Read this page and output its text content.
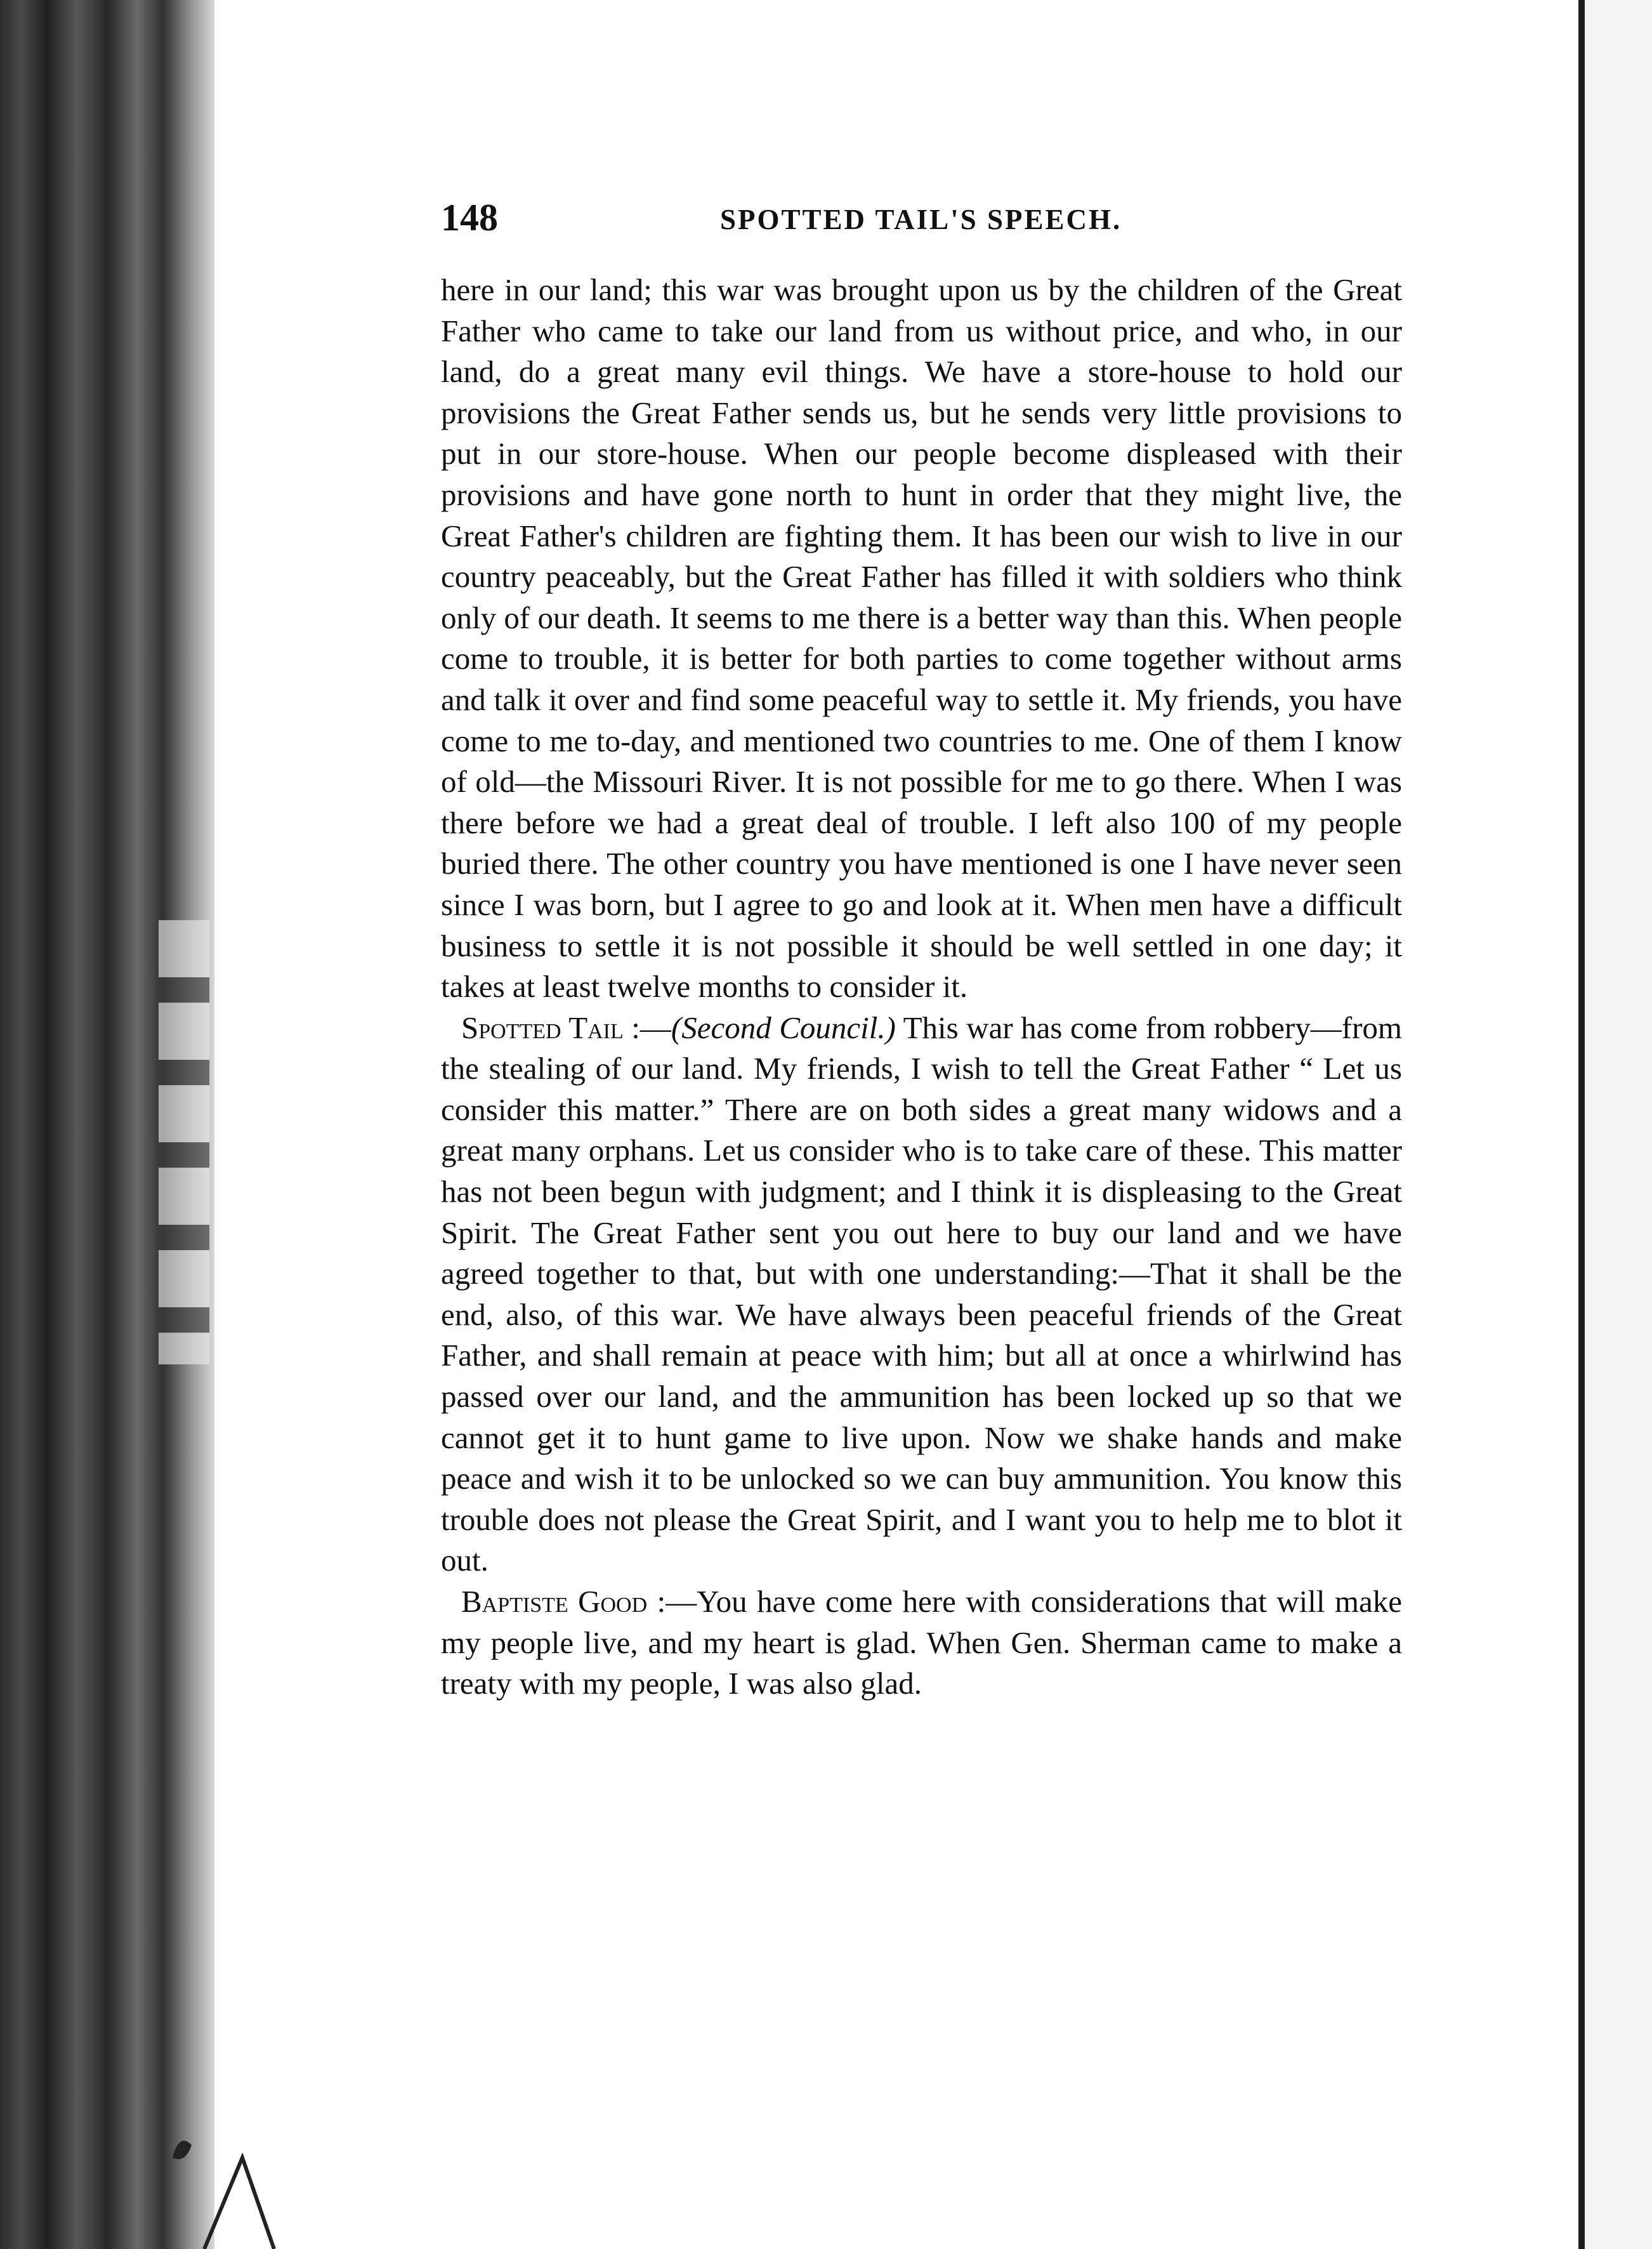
148	SPOTTED TAIL'S SPEECH.

here in our land; this war was brought upon us by the children of the Great Father who came to take our land from us without price, and who, in our land, do a great many evil things. We have a store-house to hold our provisions the Great Father sends us, but he sends very little provisions to put in our store-house. When our people become displeased with their provisions and have gone north to hunt in order that they might live, the Great Father's children are fighting them. It has been our wish to live in our country peaceably, but the Great Father has filled it with soldiers who think only of our death. It seems to me there is a better way than this. When people come to trouble, it is better for both parties to come together without arms and talk it over and find some peaceful way to settle it. My friends, you have come to me to-day, and mentioned two countries to me. One of them I know of old—the Missouri River. It is not possible for me to go there. When I was there before we had a great deal of trouble. I left also 100 of my people buried there. The other country you have mentioned is one I have never seen since I was born, but I agree to go and look at it. When men have a difficult business to settle it is not possible it should be well settled in one day; it takes at least twelve months to consider it.

Spotted Tail :—(Second Council.) This war has come from robbery—from the stealing of our land. My friends, I wish to tell the Great Father “ Let us consider this matter.” There are on both sides a great many widows and a great many orphans. Let us consider who is to take care of these. This matter has not been begun with judgment; and I think it is displeasing to the Great Spirit. The Great Father sent you out here to buy our land and we have agreed together to that, but with one understanding:—That it shall be the end, also, of this war. We have always been peaceful friends of the Great Father, and shall remain at peace with him; but all at once a whirlwind has passed over our land, and the ammunition has been locked up so that we cannot get it to hunt game to live upon. Now we shake hands and make peace and wish it to be unlocked so we can buy ammunition. You know this trouble does not please the Great Spirit, and I want you to help me to blot it out.

Baptiste Good :—You have come here with considerations that will make my people live, and my heart is glad. When Gen. Sherman came to make a treaty with my people, I was also glad.
